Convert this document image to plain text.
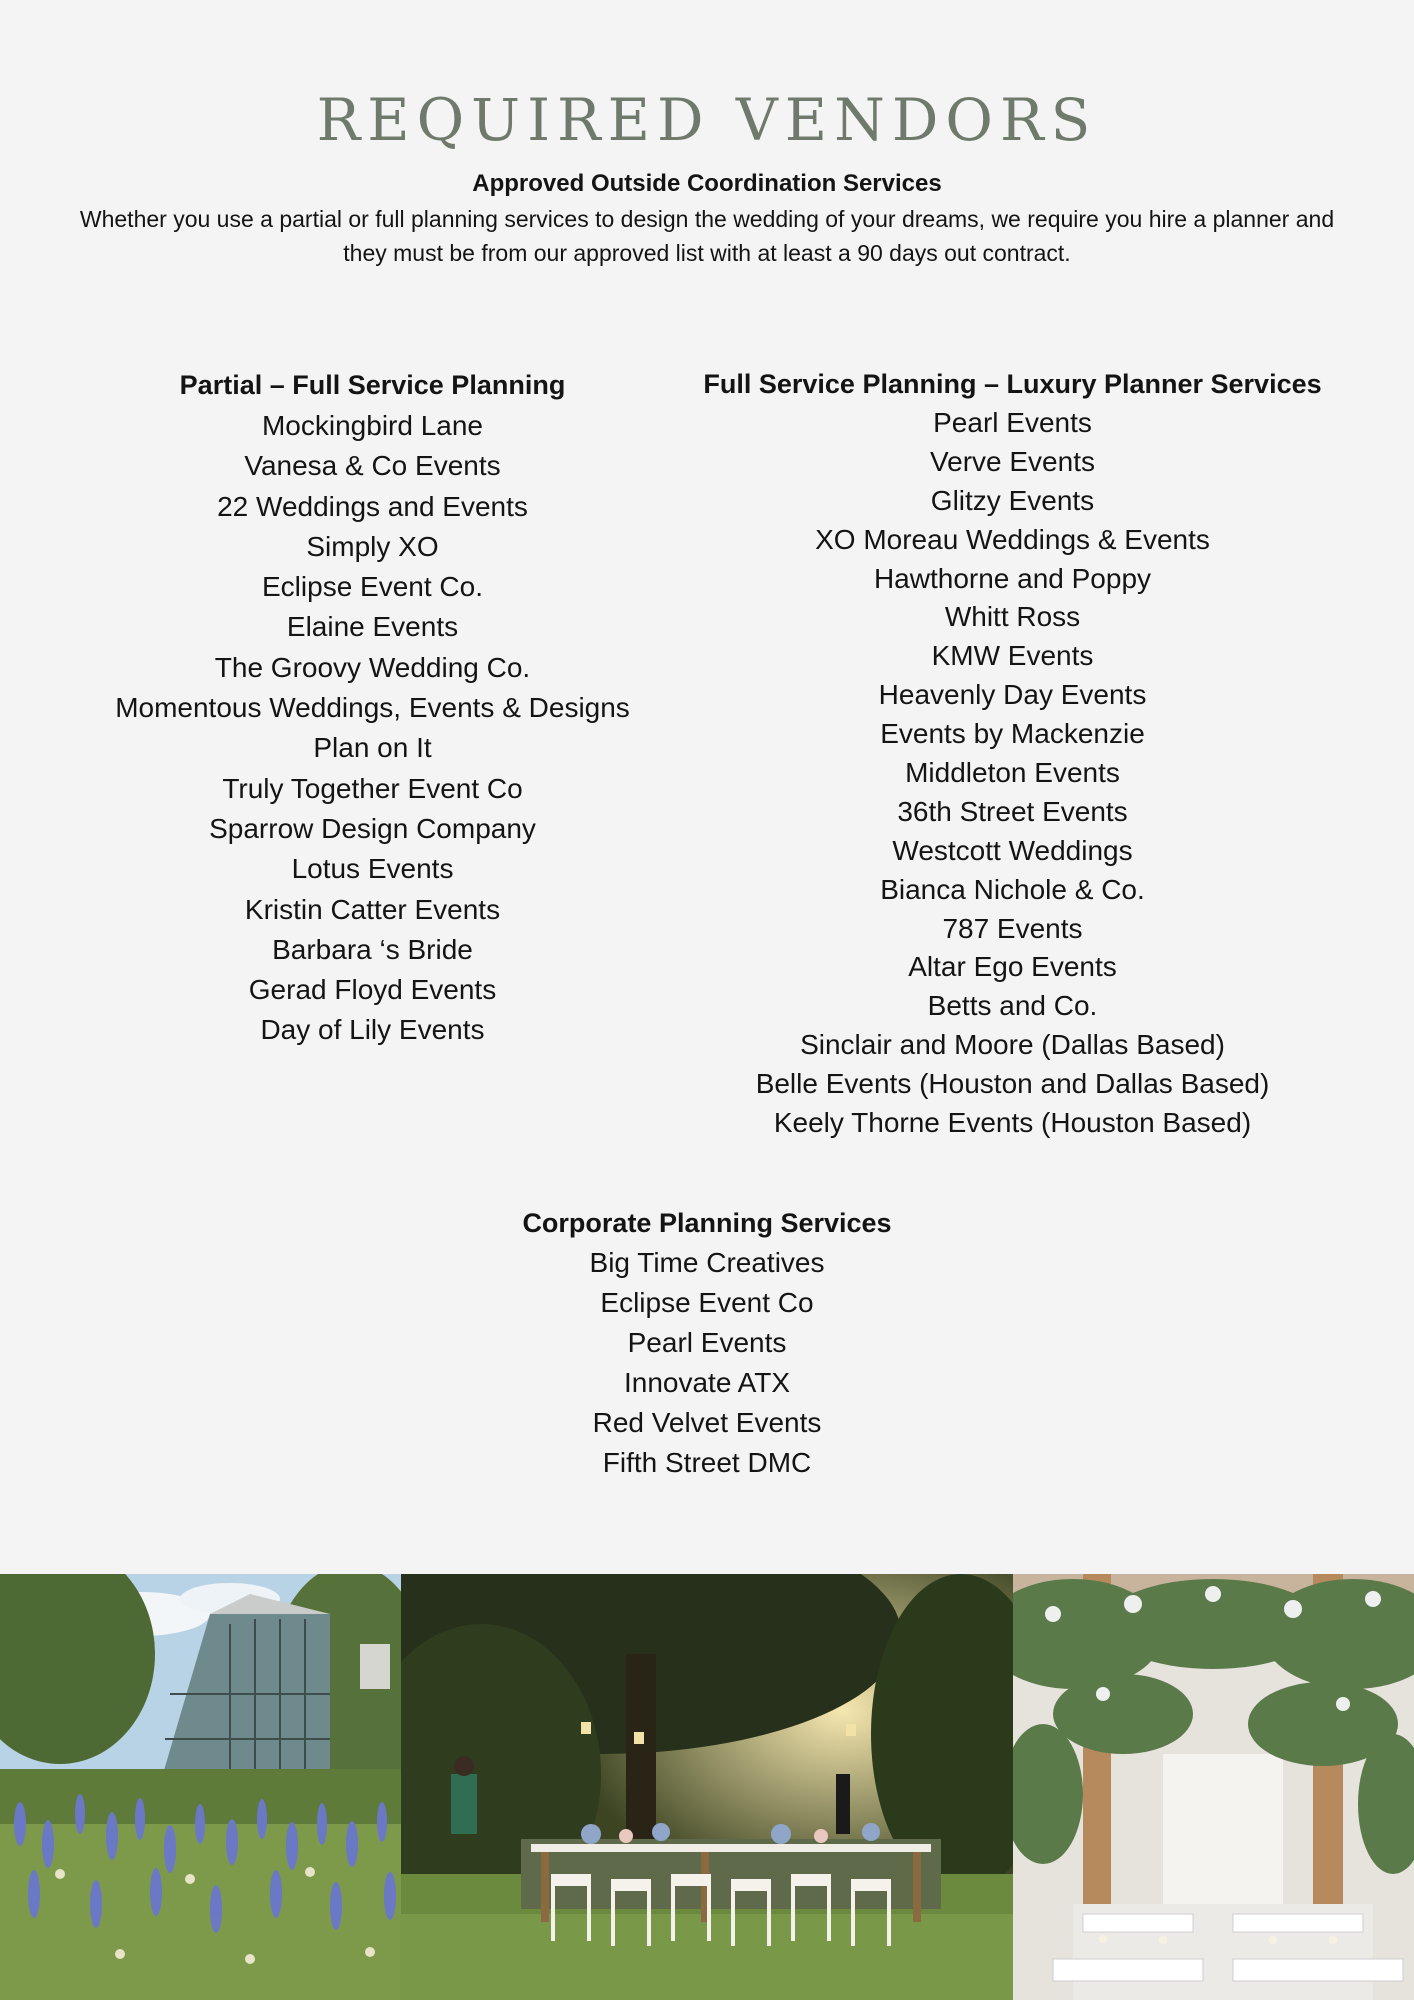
REQUIRED VENDORS
Approved Outside Coordination Services
Whether you use a partial or full planning services to design the wedding of your dreams, we require you hire a planner and they must be from our approved list with at least a 90 days out contract.
Partial – Full Service Planning
Mockingbird Lane
Vanesa & Co Events
22 Weddings and Events
Simply XO
Eclipse Event Co.
Elaine Events
The Groovy Wedding Co.
Momentous Weddings, Events & Designs
Plan on It
Truly Together Event Co
Sparrow Design Company
Lotus Events
Kristin Catter Events
Barbara ‘s Bride
Gerad Floyd Events
Day of Lily Events
Full Service Planning – Luxury Planner Services
Pearl Events
Verve Events
Glitzy Events
XO Moreau Weddings & Events
Hawthorne and Poppy
Whitt Ross
KMW Events
Heavenly Day Events
Events by Mackenzie
Middleton Events
36th Street Events
Westcott Weddings
Bianca Nichole & Co.
787 Events
Altar Ego Events
Betts and Co.
Sinclair and Moore (Dallas Based)
Belle Events (Houston and Dallas Based)
Keely Thorne Events (Houston Based)
Corporate Planning Services
Big Time Creatives
Eclipse Event Co
Pearl Events
Innovate ATX
Red Velvet Events
Fifth Street DMC
